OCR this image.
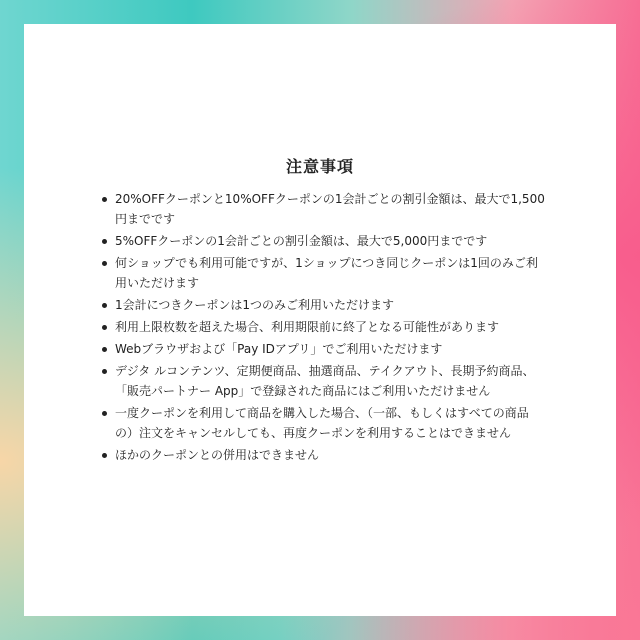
注意事項
20%OFFクーポンと10%OFFクーポンの1会計ごとの割引金額は、最大で1,500円までです
5%OFFクーポンの1会計ごとの割引金額は、最大で5,000円までです
何ショップでも利用可能ですが、1ショップにつき同じクーポンは1回のみご利用いただけます
1会計につきクーポンは1つのみご利用いただけます
利用上限枚数を超えた場合、利用期限前に終了となる可能性があります
Webブラウザおよび「Pay IDアプリ」でご利用いただけます
デジタ ルコンテンツ、定期便商品、抽選商品、テイクアウト、長期予約商品、「販売パートナー App」で登録された商品にはご利用いただけません
一度クーポンを利用して商品を購入した場合、（一部、もしくはすべての商品の）注文をキャンセルしても、再度クーポンを利用することはできません
ほかのクーポンとの併用はできません
